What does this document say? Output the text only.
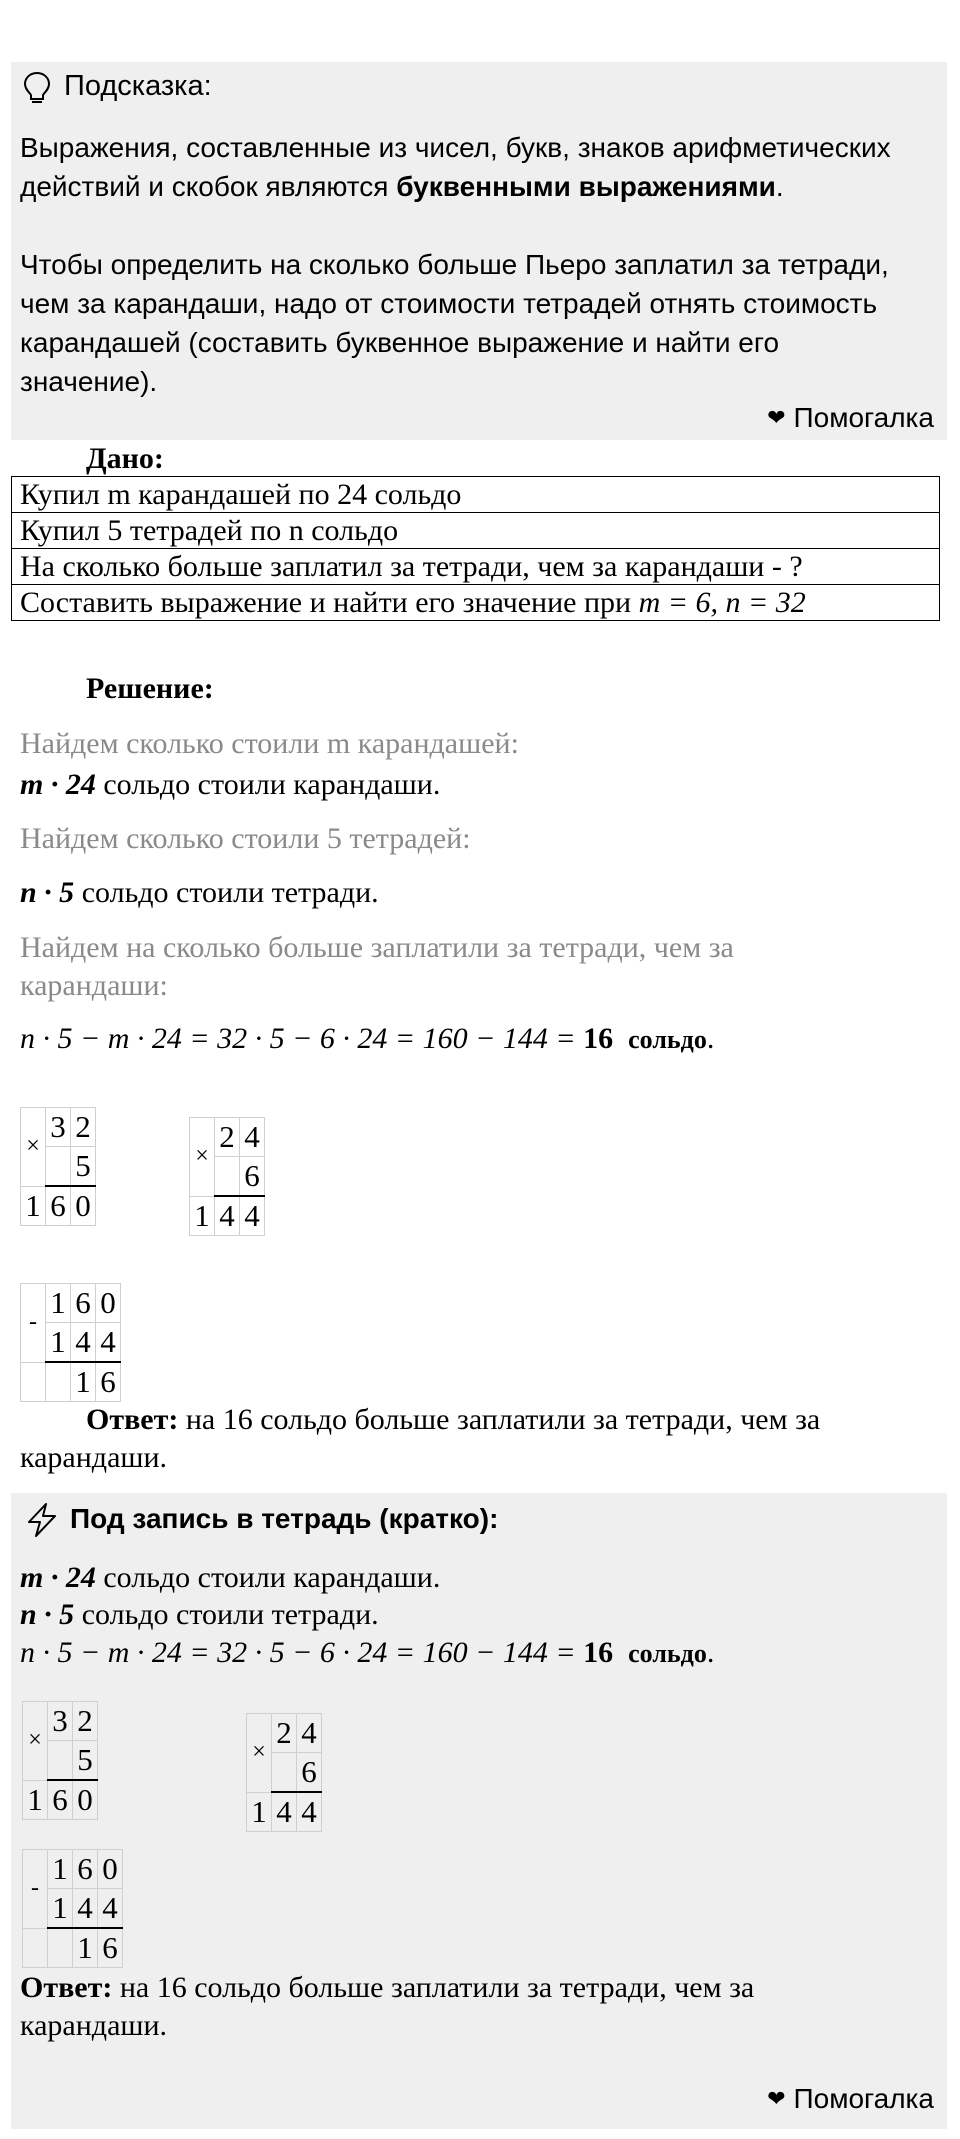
Подсказка:
Выражения, составленные из чисел, букв, знаков арифметических
действий и скобок являются буквенными выражениями.
Чтобы определить на сколько больше Пьеро заплатил за тетради,
чем за карандаши, надо от стоимости тетрадей отнять стоимость
карандашей (составить буквенное выражение и найти его
значение).
❤ Помогалка
Дано:
Купил m карандашей по 24 сольдо
Купил 5 тетрадей по n сольдо
На сколько больше заплатил за тетради, чем за карандаши - ?
Составить выражение и найти его значение при m = 6, n = 32
Решение:
Найдем сколько стоили m карандашей:
m · 24 сольдо стоили карандаши.
Найдем сколько стоили 5 тетрадей:
n · 5 сольдо стоили тетради.
Найдем на сколько больше заплатили за тетради, чем за
карандаши:
n · 5 − m · 24 = 32 · 5 − 6 · 24 = 160 − 144 = 16 сольдо.
×	3	2
		5
1	6	0
×	2	4
		6
1	4	4
-	1	6	0
	1	4	4
		1	6
Ответ: на 16 сольдо больше заплатили за тетради, чем за
карандаши.
Под запись в тетрадь (кратко):
m · 24 сольдо стоили карандаши.
n · 5 сольдо стоили тетради.
n · 5 − m · 24 = 32 · 5 − 6 · 24 = 160 − 144 = 16 сольдо.
×	3	2
		5
1	6	0
×	2	4
		6
1	4	4
-	1	6	0
	1	4	4
		1	6
Ответ: на 16 сольдо больше заплатили за тетради, чем за
карандаши.
❤ Помогалка
